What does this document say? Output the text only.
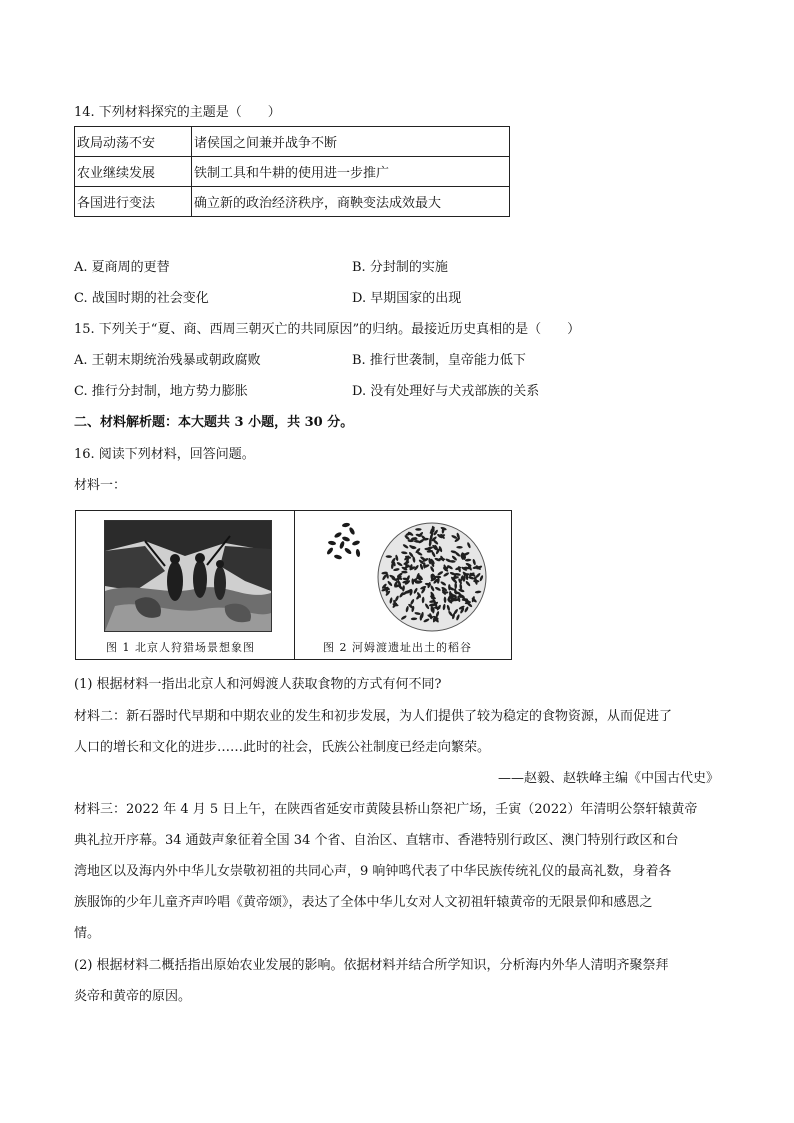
14. 下列材料探究的主题是（　　）
政局动荡不安	诸侯国之间兼并战争不断
农业继续发展	铁制工具和牛耕的使用进一步推广
各国进行变法	确立新的政治经济秩序，商鞅变法成效最大
A. 夏商周的更替	B. 分封制的实施
C. 战国时期的社会变化	D. 早期国家的出现
15. 下列关于“夏、商、西周三朝灭亡的共同原因”的归纳。最接近历史真相的是（　　）
A. 王朝末期统治残暴或朝政腐败	B. 推行世袭制，皇帝能力低下
C. 推行分封制，地方势力膨胀	D. 没有处理好与犬戎部族的关系
二、材料解析题：本大题共 3 小题，共 30 分。
16. 阅读下列材料，回答问题。
材料一：
图 1 北京人狩猎场景想象图	图 2 河姆渡遗址出土的稻谷
(1) 根据材料一指出北京人和河姆渡人获取食物的方式有何不同?
材料二：新石器时代早期和中期农业的发生和初步发展，为人们提供了较为稳定的食物资源，从而促进了
人口的增长和文化的进步……此时的社会，氏族公社制度已经走向繁荣。
——赵毅、赵轶峰主编《中国古代史》
材料三：2022 年 4 月 5 日上午，在陕西省延安市黄陵县桥山祭祀广场，壬寅（2022）年清明公祭轩辕黄帝
典礼拉开序幕。34 通鼓声象征着全国 34 个省、自治区、直辖市、香港特别行政区、澳门特别行政区和台
湾地区以及海内外中华儿女崇敬初祖的共同心声，9 响钟鸣代表了中华民族传统礼仪的最高礼数，身着各
族服饰的少年儿童齐声吟唱《黄帝颂》，表达了全体中华儿女对人文初祖轩辕黄帝的无限景仰和感恩之
情。
(2) 根据材料二概括指出原始农业发展的影响。依据材料并结合所学知识，分析海内外华人清明齐聚祭拜
炎帝和黄帝的原因。
